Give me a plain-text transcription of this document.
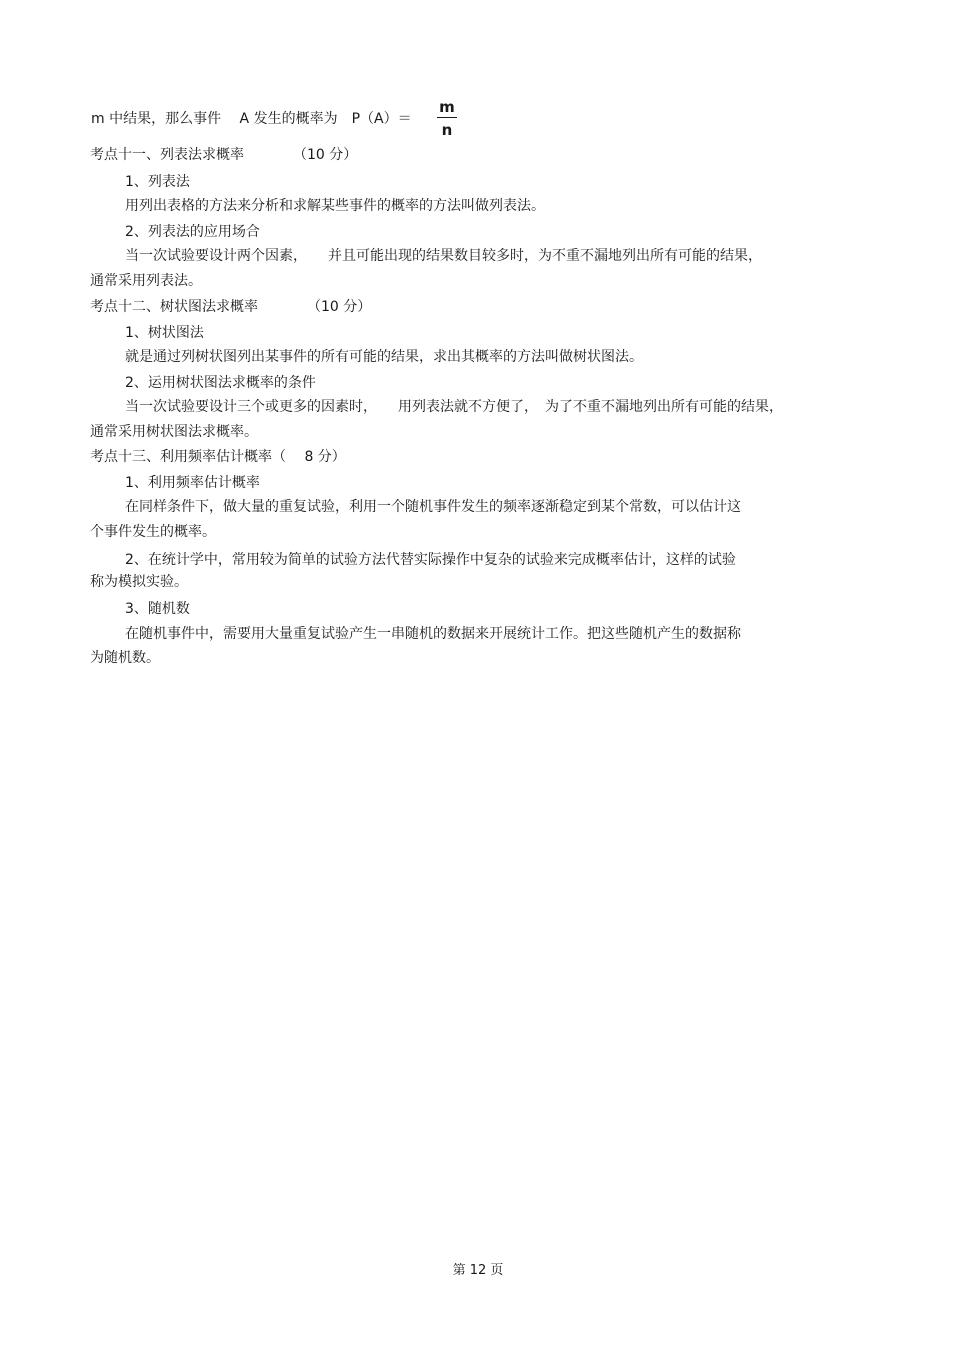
m 中结果，那么事件　 A 发生的概率为　P（A）＝
m
n
考点十一、列表法求概率　　　　（10 分）
1、列表法
用列出表格的方法来分析和求解某些事件的概率的方法叫做列表法。
2、列表法的应用场合
当一次试验要设计两个因素，　　并且可能出现的结果数目较多时，为不重不漏地列出所有可能的结果，
通常采用列表法。
考点十二、树状图法求概率　　　　（10 分）
1、树状图法
就是通过列树状图列出某事件的所有可能的结果，求出其概率的方法叫做树状图法。
2、运用树状图法求概率的条件
当一次试验要设计三个或更多的因素时，　　用列表法就不方便了，　为了不重不漏地列出所有可能的结果，
通常采用树状图法求概率。
考点十三、利用频率估计概率（　 8 分）
1、利用频率估计概率
在同样条件下，做大量的重复试验，利用一个随机事件发生的频率逐渐稳定到某个常数，可以估计这
个事件发生的概率。
2、在统计学中，常用较为简单的试验方法代替实际操作中复杂的试验来完成概率估计，这样的试验
称为模拟实验。
3、随机数
在随机事件中，需要用大量重复试验产生一串随机的数据来开展统计工作。把这些随机产生的数据称
为随机数。
第 12 页
